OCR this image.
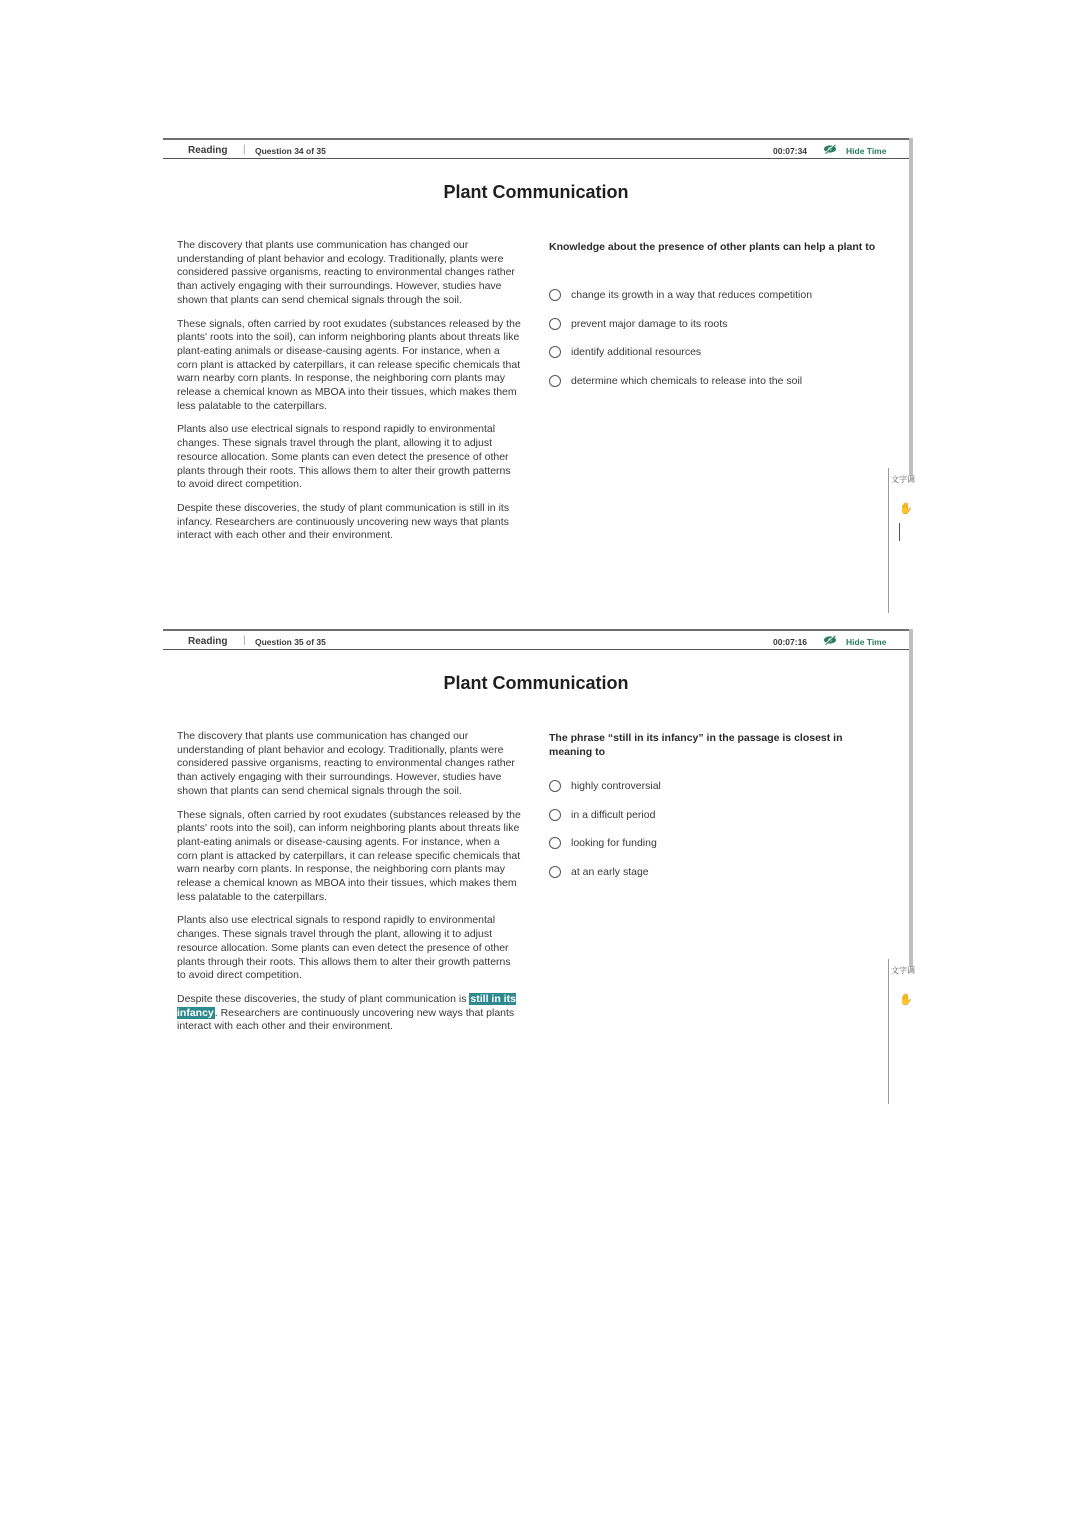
Reading | Question 34 of 35	00:07:34	Hide Time
Plant Communication

The discovery that plants use communication has changed our understanding of plant behavior and ecology. Traditionally, plants were considered passive organisms, reacting to environmental changes rather than actively engaging with their surroundings. However, studies have shown that plants can send chemical signals through the soil.

These signals, often carried by root exudates (substances released by the plants' roots into the soil), can inform neighboring plants about threats like plant-eating animals or disease-causing agents. For instance, when a corn plant is attacked by caterpillars, it can release specific chemicals that warn nearby corn plants. In response, the neighboring corn plants may release a chemical known as MBOA into their tissues, which makes them less palatable to the caterpillars.

Plants also use electrical signals to respond rapidly to environmental changes. These signals travel through the plant, allowing it to adjust resource allocation. Some plants can even detect the presence of other plants through their roots. This allows them to alter their growth patterns to avoid direct competition.

Despite these discoveries, the study of plant communication is still in its infancy. Researchers are continuously uncovering new ways that plants interact with each other and their environment.

Knowledge about the presence of other plants can help a plant to
change its growth in a way that reduces competition
prevent major damage to its roots
identify additional resources
determine which chemicals to release into the soil
文字调
✋
Reading | Question 35 of 35	00:07:16	Hide Time
Plant Communication

The discovery that plants use communication has changed our understanding of plant behavior and ecology. Traditionally, plants were considered passive organisms, reacting to environmental changes rather than actively engaging with their surroundings. However, studies have shown that plants can send chemical signals through the soil.

These signals, often carried by root exudates (substances released by the plants' roots into the soil), can inform neighboring plants about threats like plant-eating animals or disease-causing agents. For instance, when a corn plant is attacked by caterpillars, it can release specific chemicals that warn nearby corn plants. In response, the neighboring corn plants may release a chemical known as MBOA into their tissues, which makes them less palatable to the caterpillars.

Plants also use electrical signals to respond rapidly to environmental changes. These signals travel through the plant, allowing it to adjust resource allocation. Some plants can even detect the presence of other plants through their roots. This allows them to alter their growth patterns to avoid direct competition.

Despite these discoveries, the study of plant communication is still in its infancy. Researchers are continuously uncovering new ways that plants interact with each other and their environment.

The phrase “still in its infancy” in the passage is closest in meaning to
highly controversial
in a difficult period
looking for funding
at an early stage
文字调
✋
